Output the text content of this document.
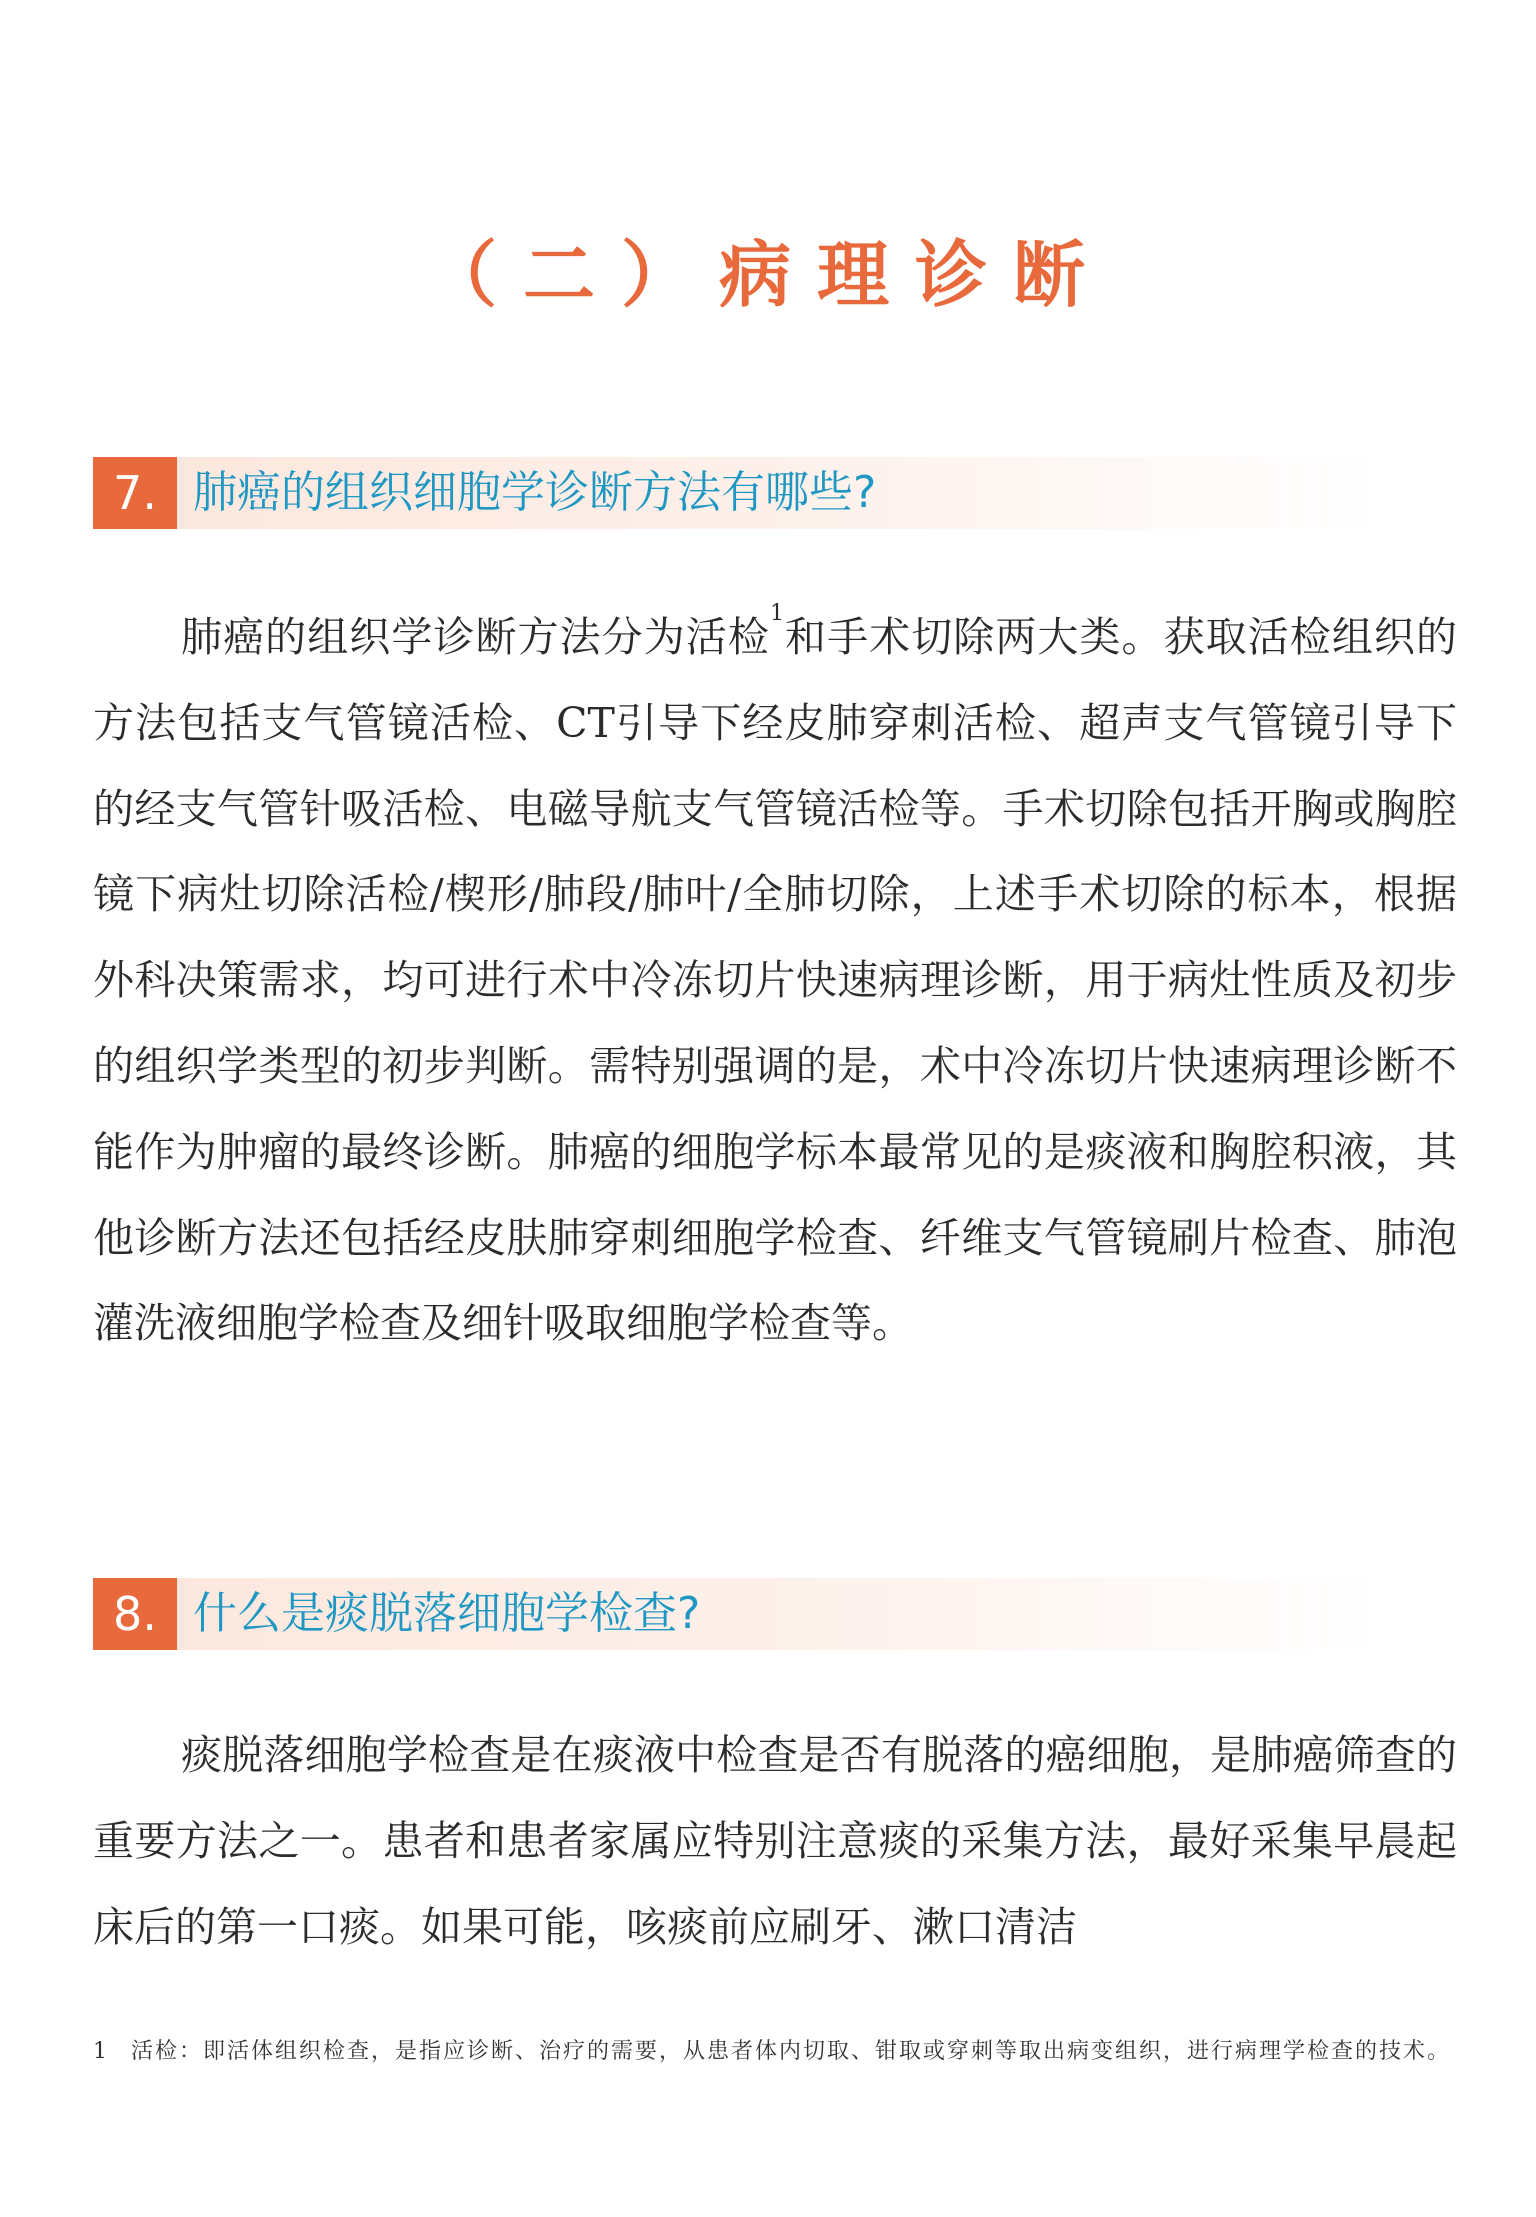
（二）病理诊断
7. 肺癌的组织细胞学诊断方法有哪些?

肺癌的组织学诊断方法分为活检$^1$和手术切除两大类。获取活检组织的方法包括支气管镜活检、CT引导下经皮肺穿刺活检、超声支气管镜引导下的经支气管针吸活检、电磁导航支气管镜活检等。手术切除包括开胸或胸腔镜下病灶切除活检/楔形/肺段/肺叶/全肺切除，上述手术切除的标本，根据外科决策需求，均可进行术中冷冻切片快速病理诊断，用于病灶性质及初步的组织学类型的初步判断。需特别强调的是，术中冷冻切片快速病理诊断不能作为肿瘤的最终诊断。肺癌的细胞学标本最常见的是痰液和胸腔积液，其他诊断方法还包括经皮肤肺穿刺细胞学检查、纤维支气管镜刷片检查、肺泡灌洗液细胞学检查及细针吸取细胞学检查等。

8. 什么是痰脱落细胞学检查?

痰脱落细胞学检查是在痰液中检查是否有脱落的癌细胞，是肺癌筛查的重要方法之一。患者和患者家属应特别注意痰的采集方法，最好采集早晨起床后的第一口痰。如果可能，咳痰前应刷牙、漱口清洁

1 活检：即活体组织检查，是指应诊断、治疗的需要，从患者体内切取、钳取或穿刺等取出病变组织，进行病理学检查的技术。
